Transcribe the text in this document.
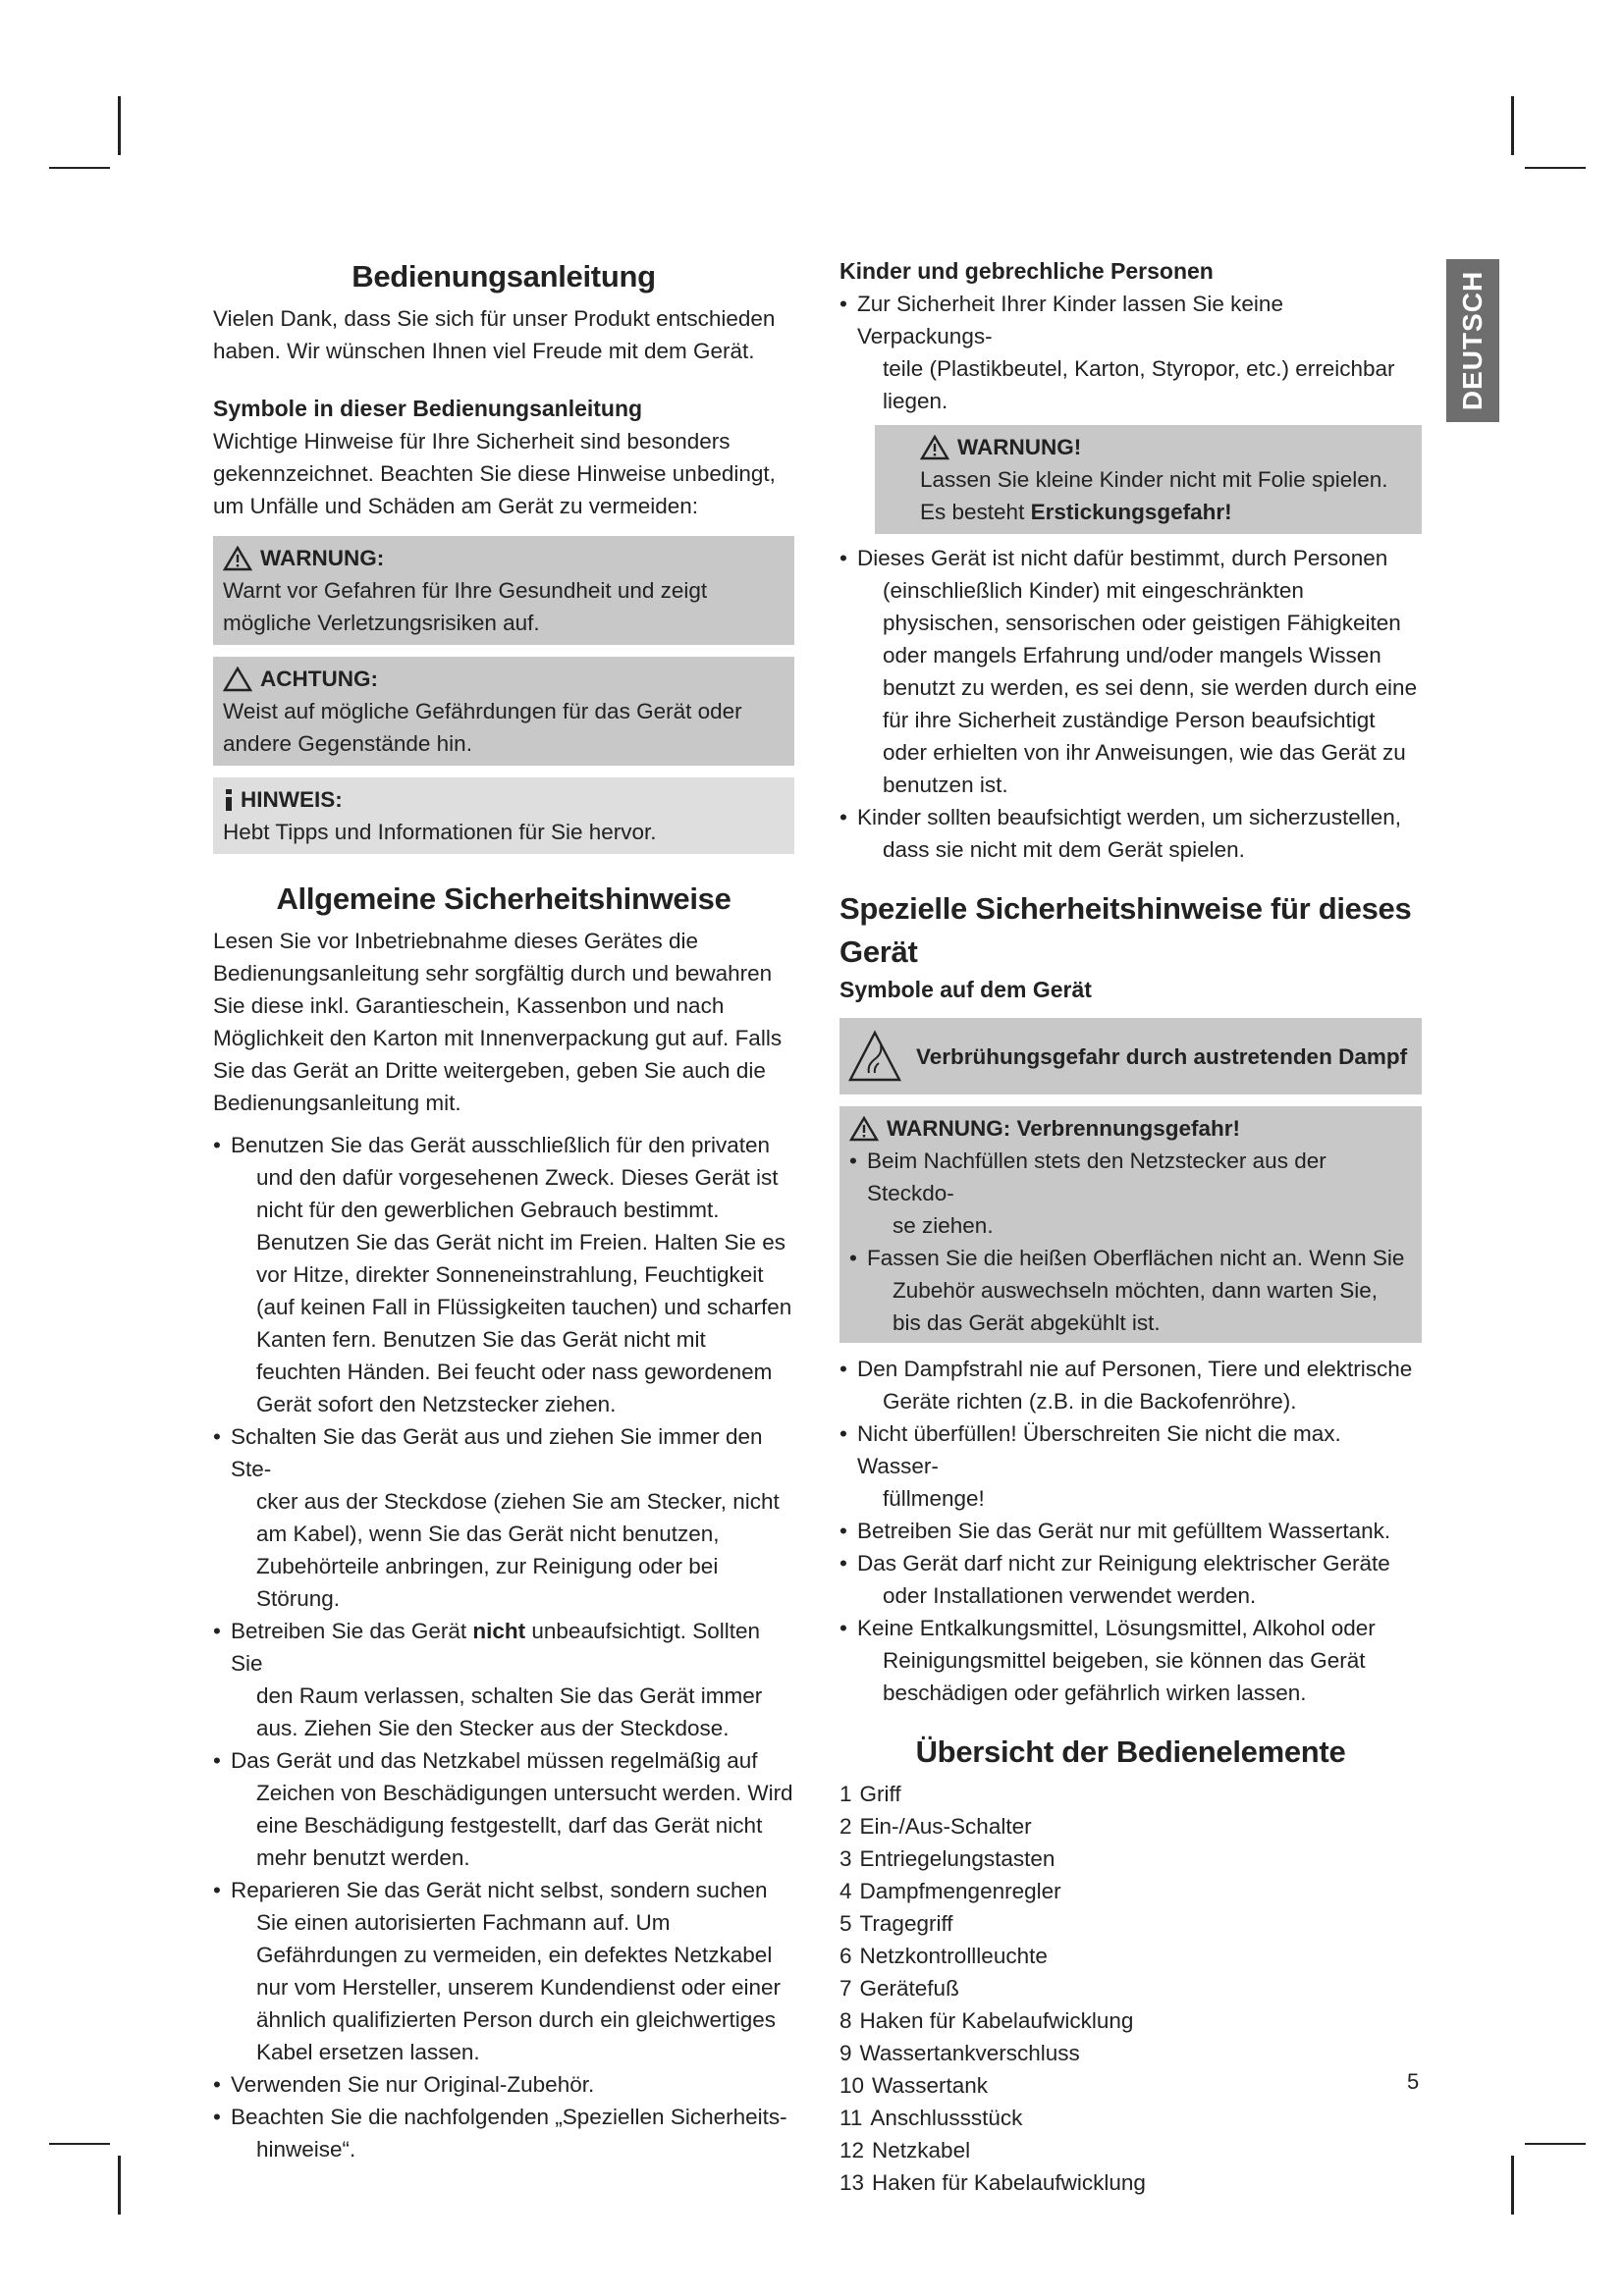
DEUTSCH
Bedienungsanleitung

Vielen Dank, dass Sie sich für unser Produkt entschieden haben. Wir wünschen Ihnen viel Freude mit dem Gerät.

Symbole in dieser Bedienungsanleitung

Wichtige Hinweise für Ihre Sicherheit sind besonders gekennzeichnet. Beachten Sie diese Hinweise unbedingt, um Unfälle und Schäden am Gerät zu vermeiden:

WARNUNG:

Warnt vor Gefahren für Ihre Gesundheit und zeigt mögliche Verletzungsrisiken auf.

ACHTUNG:

Weist auf mögliche Gefährdungen für das Gerät oder andere Gegenstände hin.

HINWEIS:

Hebt Tipps und Informationen für Sie hervor.

Allgemeine Sicherheitshinweise

Lesen Sie vor Inbetriebnahme dieses Gerätes die Bedienungsanleitung sehr sorgfältig durch und bewahren Sie diese inkl. Garantieschein, Kassenbon und nach Möglichkeit den Karton mit Innenverpackung gut auf. Falls Sie das Gerät an Dritte weitergeben, geben Sie auch die Bedienungsanleitung mit.

• Benutzen Sie das Gerät ausschließlich für den privaten
und den dafür vorgesehenen Zweck. Dieses Gerät ist nicht für den gewerblichen Gebrauch bestimmt. Benutzen Sie das Gerät nicht im Freien. Halten Sie es vor Hitze, direkter Sonneneinstrahlung, Feuchtigkeit (auf keinen Fall in Flüssigkeiten tauchen) und scharfen Kanten fern. Benutzen Sie das Gerät nicht mit feuchten Händen. Bei feucht oder nass gewordenem Gerät sofort den Netzstecker ziehen.
• Schalten Sie das Gerät aus und ziehen Sie immer den Ste-
cker aus der Steckdose (ziehen Sie am Stecker, nicht am Kabel), wenn Sie das Gerät nicht benutzen, Zubehörteile anbringen, zur Reinigung oder bei Störung.
• Betreiben Sie das Gerät nicht unbeaufsichtigt. Sollten Sie
den Raum verlassen, schalten Sie das Gerät immer aus. Ziehen Sie den Stecker aus der Steckdose.
• Das Gerät und das Netzkabel müssen regelmäßig auf
Zeichen von Beschädigungen untersucht werden. Wird eine Beschädigung festgestellt, darf das Gerät nicht mehr benutzt werden.
• Reparieren Sie das Gerät nicht selbst, sondern suchen
Sie einen autorisierten Fachmann auf. Um Gefährdungen zu vermeiden, ein defektes Netzkabel nur vom Hersteller, unserem Kundendienst oder einer ähnlich qualifizierten Person durch ein gleichwertiges Kabel ersetzen lassen.
• Verwenden Sie nur Original-Zubehör.
• Beachten Sie die nachfolgenden „Speziellen Sicherheits-
hinweise“.
Kinder und gebrechliche Personen
• Zur Sicherheit Ihrer Kinder lassen Sie keine Verpackungs-
teile (Plastikbeutel, Karton, Styropor, etc.) erreichbar liegen.
WARNUNG!

Lassen Sie kleine Kinder nicht mit Folie spielen.

Es besteht Erstickungsgefahr!

• Dieses Gerät ist nicht dafür bestimmt, durch Personen
(einschließlich Kinder) mit eingeschränkten physischen, sensorischen oder geistigen Fähigkeiten oder mangels Erfahrung und/oder mangels Wissen benutzt zu werden, es sei denn, sie werden durch eine für ihre Sicherheit zuständige Person beaufsichtigt oder erhielten von ihr Anweisungen, wie das Gerät zu benutzen ist.
• Kinder sollten beaufsichtigt werden, um sicherzustellen,
dass sie nicht mit dem Gerät spielen.
Spezielle Sicherheitshinweise für dieses Gerät
Symbole auf dem Gerät
Verbrühungsgefahr durch austretenden Dampf
WARNUNG: Verbrennungsgefahr!
• Beim Nachfüllen stets den Netzstecker aus der Steckdo-
se ziehen.
• Fassen Sie die heißen Oberflächen nicht an. Wenn Sie
Zubehör auswechseln möchten, dann warten Sie, bis das Gerät abgekühlt ist.
• Den Dampfstrahl nie auf Personen, Tiere und elektrische
Geräte richten (z.B. in die Backofenröhre).
• Nicht überfüllen! Überschreiten Sie nicht die max. Wasser-
füllmenge!
• Betreiben Sie das Gerät nur mit gefülltem Wassertank.
• Das Gerät darf nicht zur Reinigung elektrischer Geräte
oder Installationen verwendet werden.
• Keine Entkalkungsmittel, Lösungsmittel, Alkohol oder
Reinigungsmittel beigeben, sie können das Gerät beschädigen oder gefährlich wirken lassen.
Übersicht der Bedienelemente
1 Griff
2 Ein-/Aus-Schalter
3 Entriegelungstasten
4 Dampfmengenregler
5 Tragegriff
6 Netzkontrollleuchte
7 Gerätefuß
8 Haken für Kabelaufwicklung
9 Wassertankverschluss
10 Wassertank
11 Anschlussstück
12 Netzkabel
13 Haken für Kabelaufwicklung
5
